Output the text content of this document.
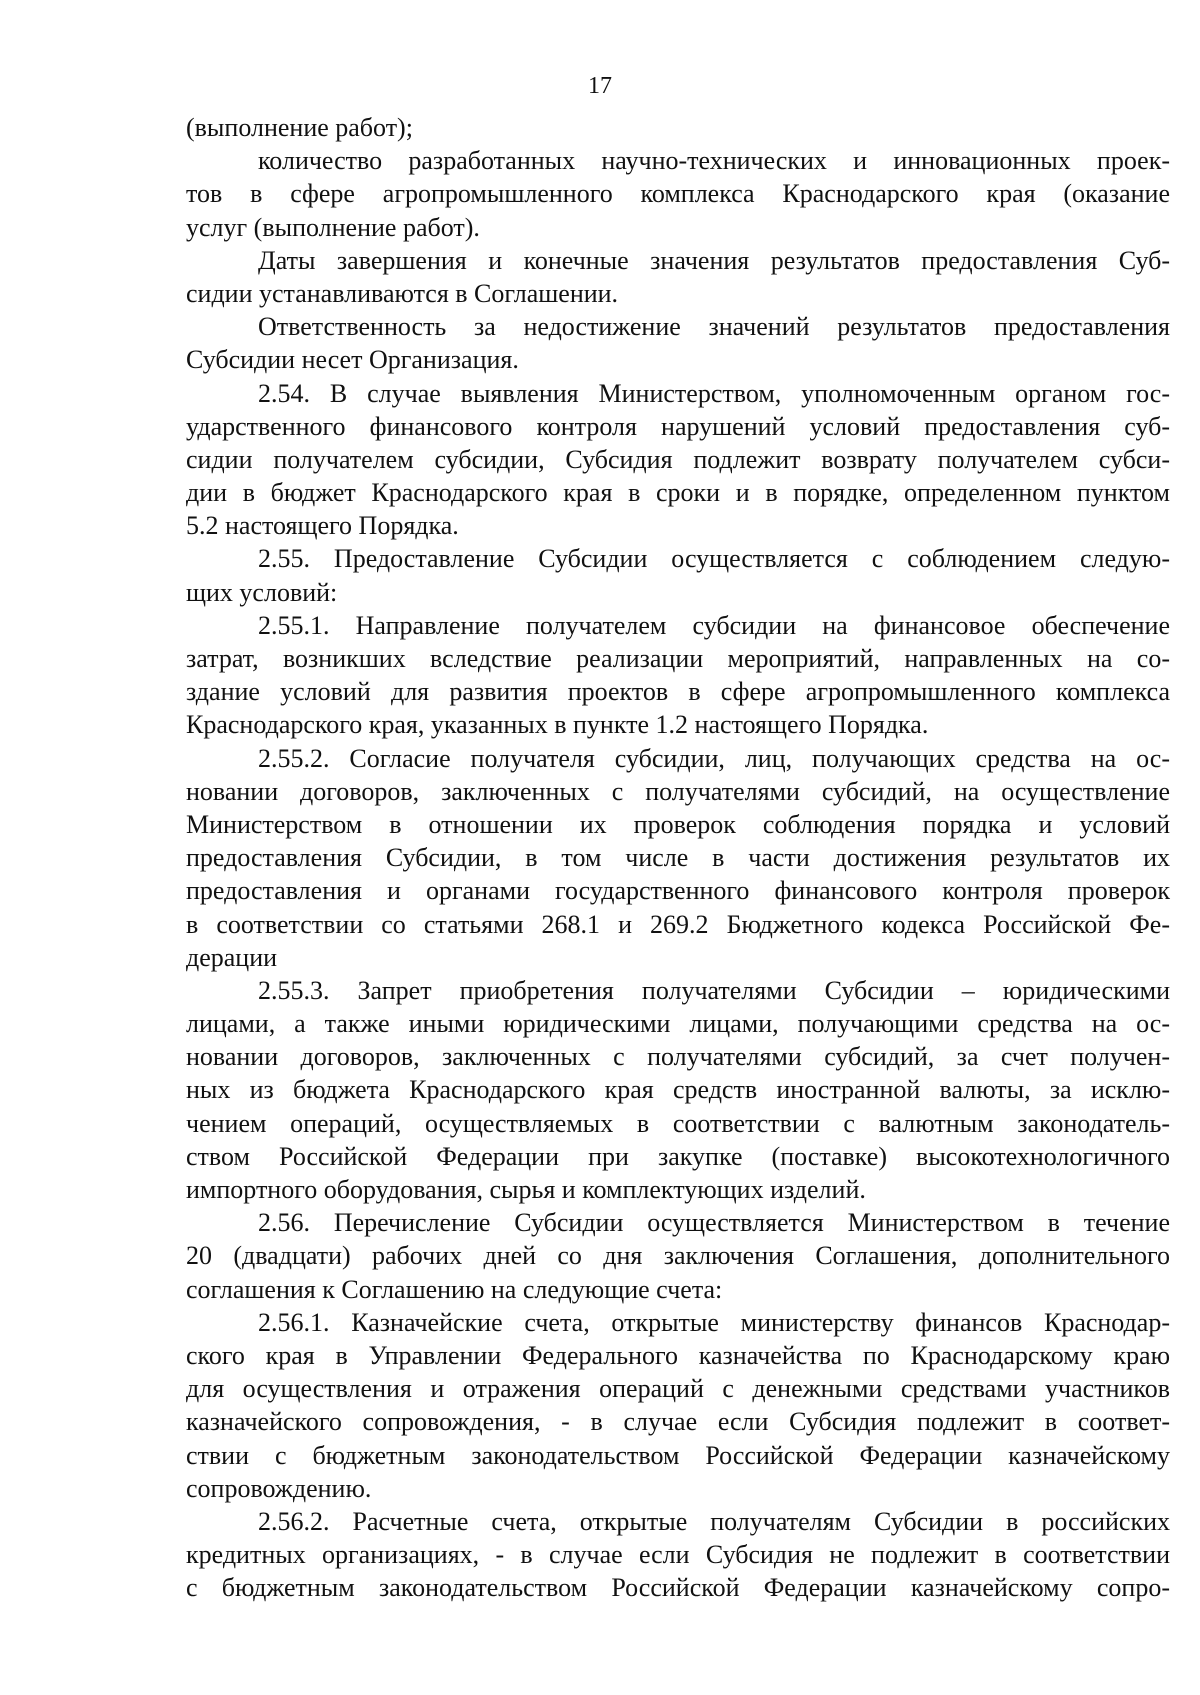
17
(выполнение работ);
количество разработанных научно-технических и инновационных проек-
тов в сфере агропромышленного комплекса Краснодарского края (оказание
услуг (выполнение работ).
Даты завершения и конечные значения результатов предоставления Суб-
сидии устанавливаются в Соглашении.
Ответственность за недостижение значений результатов предоставления
Субсидии несет Организация.
2.54. В случае выявления Министерством, уполномоченным органом гос-
ударственного финансового контроля нарушений условий предоставления суб-
сидии получателем субсидии, Субсидия подлежит возврату получателем субси-
дии в бюджет Краснодарского края в сроки и в порядке, определенном пунктом
5.2 настоящего Порядка.
2.55. Предоставление Субсидии осуществляется с соблюдением следую-
щих условий:
2.55.1. Направление получателем субсидии на финансовое обеспечение
затрат, возникших вследствие реализации мероприятий, направленных на со-
здание условий для развития проектов в сфере агропромышленного комплекса
Краснодарского края, указанных в пункте 1.2 настоящего Порядка.
2.55.2. Согласие получателя субсидии, лиц, получающих средства на ос-
новании договоров, заключенных с получателями субсидий, на осуществление
Министерством в отношении их проверок соблюдения порядка и условий
предоставления Субсидии, в том числе в части достижения результатов их
предоставления и органами государственного финансового контроля проверок
в соответствии со статьями 268.1 и 269.2 Бюджетного кодекса Российской Фе-
дерации
2.55.3. Запрет приобретения получателями Субсидии – юридическими
лицами, а также иными юридическими лицами, получающими средства на ос-
новании договоров, заключенных с получателями субсидий, за счет получен-
ных из бюджета Краснодарского края средств иностранной валюты, за исклю-
чением операций, осуществляемых в соответствии с валютным законодатель-
ством Российской Федерации при закупке (поставке) высокотехнологичного
импортного оборудования, сырья и комплектующих изделий.
2.56. Перечисление Субсидии осуществляется Министерством в течение
20 (двадцати) рабочих дней со дня заключения Соглашения, дополнительного
соглашения к Соглашению на следующие счета:
2.56.1. Казначейские счета, открытые министерству финансов Краснодар-
ского края в Управлении Федерального казначейства по Краснодарскому краю
для осуществления и отражения операций с денежными средствами участников
казначейского сопровождения, - в случае если Субсидия подлежит в соответ-
ствии с бюджетным законодательством Российской Федерации казначейскому
сопровождению.
2.56.2. Расчетные счета, открытые получателям Субсидии в российских
кредитных организациях, - в случае если Субсидия не подлежит в соответствии
с бюджетным законодательством Российской Федерации казначейскому сопро-
